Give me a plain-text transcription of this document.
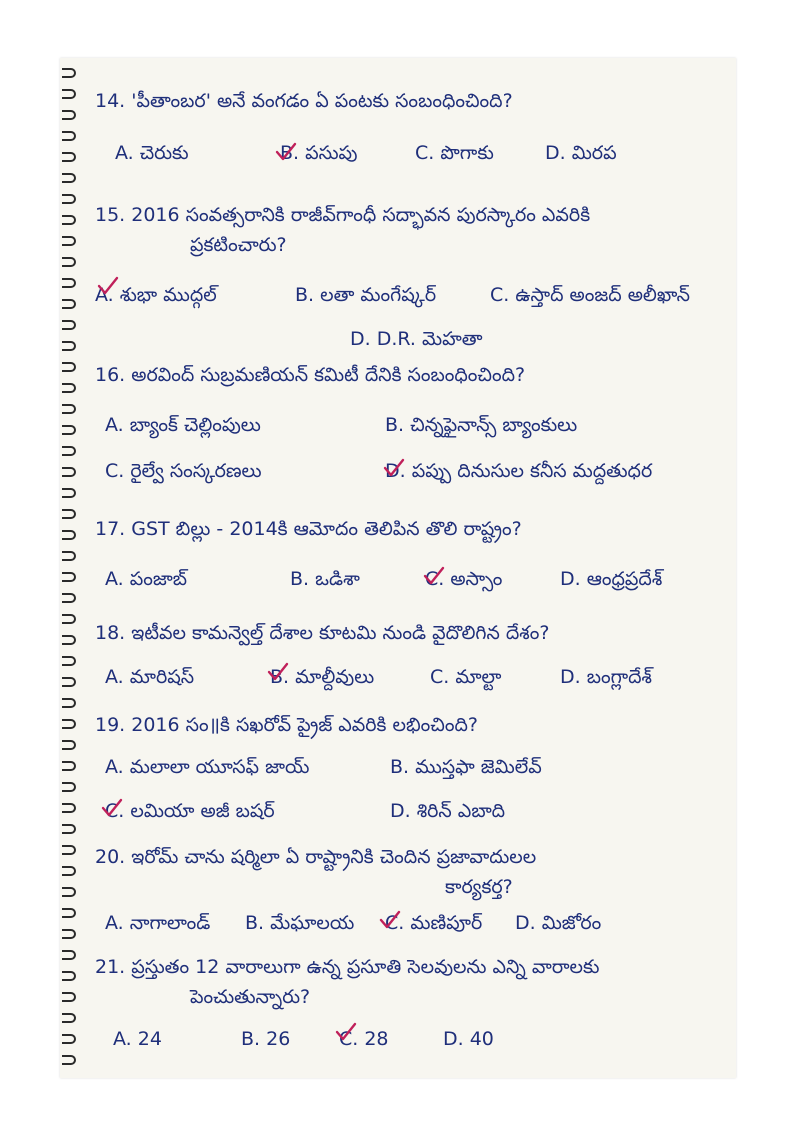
14. 'పీతాంబర' అనే వంగడం ఏ పంటకు సంబంధించింది?
A. చెరుకు	B. పసుపు	C. పొగాకు	D. మిరప
15. 2016 సంవత్సరానికి రాజీవ్‌గాంధీ సద్భావన పురస్కారం ఎవరికి
ప్రకటించారు?
A. శుభా ముద్గల్	B. లతా మంగేష్కర్	C. ఉస్తాద్ అంజద్ అలీఖాన్
D. D.R. మెహతా
16. అరవింద్ సుబ్రమణియన్ కమిటీ దేనికి సంబంధించింది?
A. బ్యాంక్ చెల్లింపులు	B. చిన్నఫైనాన్స్ బ్యాంకులు
C. రైల్వే సంస్కరణలు	D. పప్పు దినుసుల కనీస మద్దతుధర
17. GST బిల్లు - 2014కి ఆమోదం తెలిపిన తొలి రాష్ట్రం?
A. పంజాబ్	B. ఒడిశా	C. అస్సాం	D. ఆంధ్రప్రదేశ్
18. ఇటీవల కామన్వెల్త్ దేశాల కూటమి నుండి వైదొలిగిన దేశం?
A. మారిషస్	B. మాల్దీవులు	C. మాల్టా	D. బంగ్లాదేశ్
19. 2016 సం॥కి సఖరోవ్ ప్రైజ్ ఎవరికి లభించింది?
A. మలాలా యూసఫ్ జాయ్	B. ముస్తఫా జెమిలేవ్
C. లమియా అజీ బషర్	D. శిరిన్ ఎబాది
20. ఇరోమ్ చాను షర్మిలా ఏ రాష్ట్రానికి చెందిన ప్రజావాదులల
కార్యకర్త?
A. నాగాలాండ్ B. మేఘాలయ C. మణిపూర్ D. మిజోరం
21. ప్రస్తుతం 12 వారాలుగా ఉన్న ప్రసూతి సెలవులను ఎన్ని వారాలకు
పెంచుతున్నారు?
A. 24	B. 26	C. 28	D. 40
